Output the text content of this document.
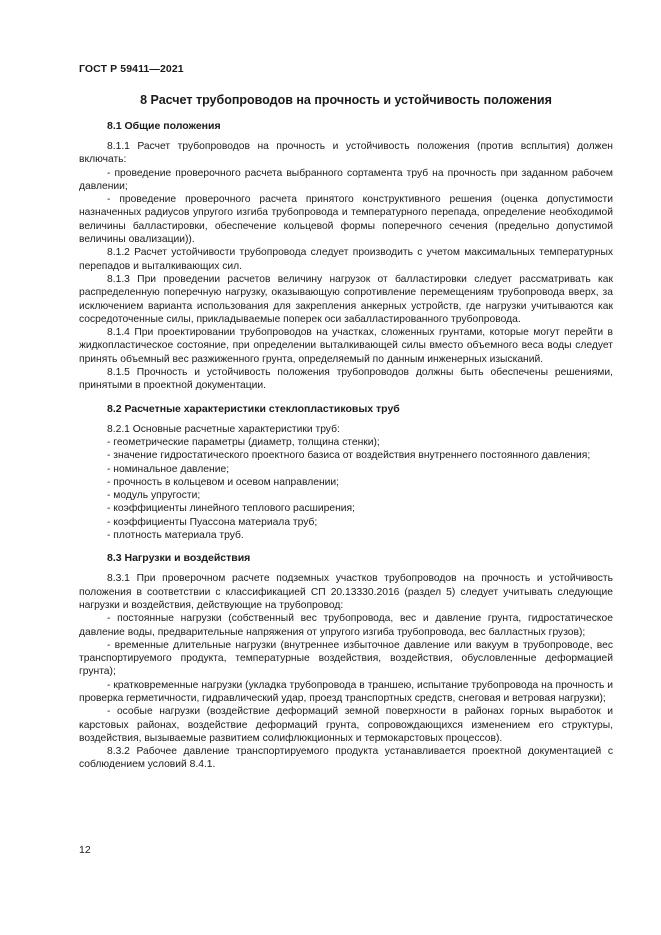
ГОСТ Р 59411—2021
8 Расчет трубопроводов на прочность и устойчивость положения
8.1 Общие положения

8.1.1 Расчет трубопроводов на прочность и устойчивость положения (против всплытия) должен включать:

- проведение проверочного расчета выбранного сортамента труб на прочность при заданном рабочем давлении;

- проведение проверочного расчета принятого конструктивного решения (оценка допустимости назначенных радиусов упругого изгиба трубопровода и температурного перепада, определение необходимой величины балластировки, обеспечение кольцевой формы поперечного сечения (предельно допустимой величины овализации)).

8.1.2 Расчет устойчивости трубопровода следует производить с учетом максимальных температурных перепадов и выталкивающих сил.

8.1.3 При проведении расчетов величину нагрузок от балластировки следует рассматривать как распределенную поперечную нагрузку, оказывающую сопротивление перемещениям трубопровода вверх, за исключением варианта использования для закрепления анкерных устройств, где нагрузки учитываются как сосредоточенные силы, прикладываемые поперек оси забалластированного трубопровода.

8.1.4 При проектировании трубопроводов на участках, сложенных грунтами, которые могут перейти в жидкопластическое состояние, при определении выталкивающей силы вместо объемного веса воды следует принять объемный вес разжиженного грунта, определяемый по данным инженерных изысканий.

8.1.5 Прочность и устойчивость положения трубопроводов должны быть обеспечены решениями, принятыми в проектной документации.

8.2 Расчетные характеристики стеклопластиковых труб

8.2.1 Основные расчетные характеристики труб:

- геометрические параметры (диаметр, толщина стенки);

- значение гидростатического проектного базиса от воздействия внутреннего постоянного давления;

- номинальное давление;

- прочность в кольцевом и осевом направлении;

- модуль упругости;

- коэффициенты линейного теплового расширения;

- коэффициенты Пуассона материала труб;

- плотность материала труб.

8.3 Нагрузки и воздействия

8.3.1 При проверочном расчете подземных участков трубопроводов на прочность и устойчивость положения в соответствии с классификацией СП 20.13330.2016 (раздел 5) следует учитывать следующие нагрузки и воздействия, действующие на трубопровод:

- постоянные нагрузки (собственный вес трубопровода, вес и давление грунта, гидростатическое давление воды, предварительные напряжения от упругого изгиба трубопровода, вес балластных грузов);

- временные длительные нагрузки (внутреннее избыточное давление или вакуум в трубопроводе, вес транспортируемого продукта, температурные воздействия, воздействия, обусловленные деформацией грунта);

- кратковременные нагрузки (укладка трубопровода в траншею, испытание трубопровода на прочность и проверка герметичности, гидравлический удар, проезд транспортных средств, снеговая и ветровая нагрузки);

- особые нагрузки (воздействие деформаций земной поверхности в районах горных выработок и карстовых районах, воздействие деформаций грунта, сопровождающихся изменением его структуры, воздействия, вызываемые развитием солифлюкционных и термокарстовых процессов).

8.3.2 Рабочее давление транспортируемого продукта устанавливается проектной документацией с соблюдением условий 8.4.1.

12
